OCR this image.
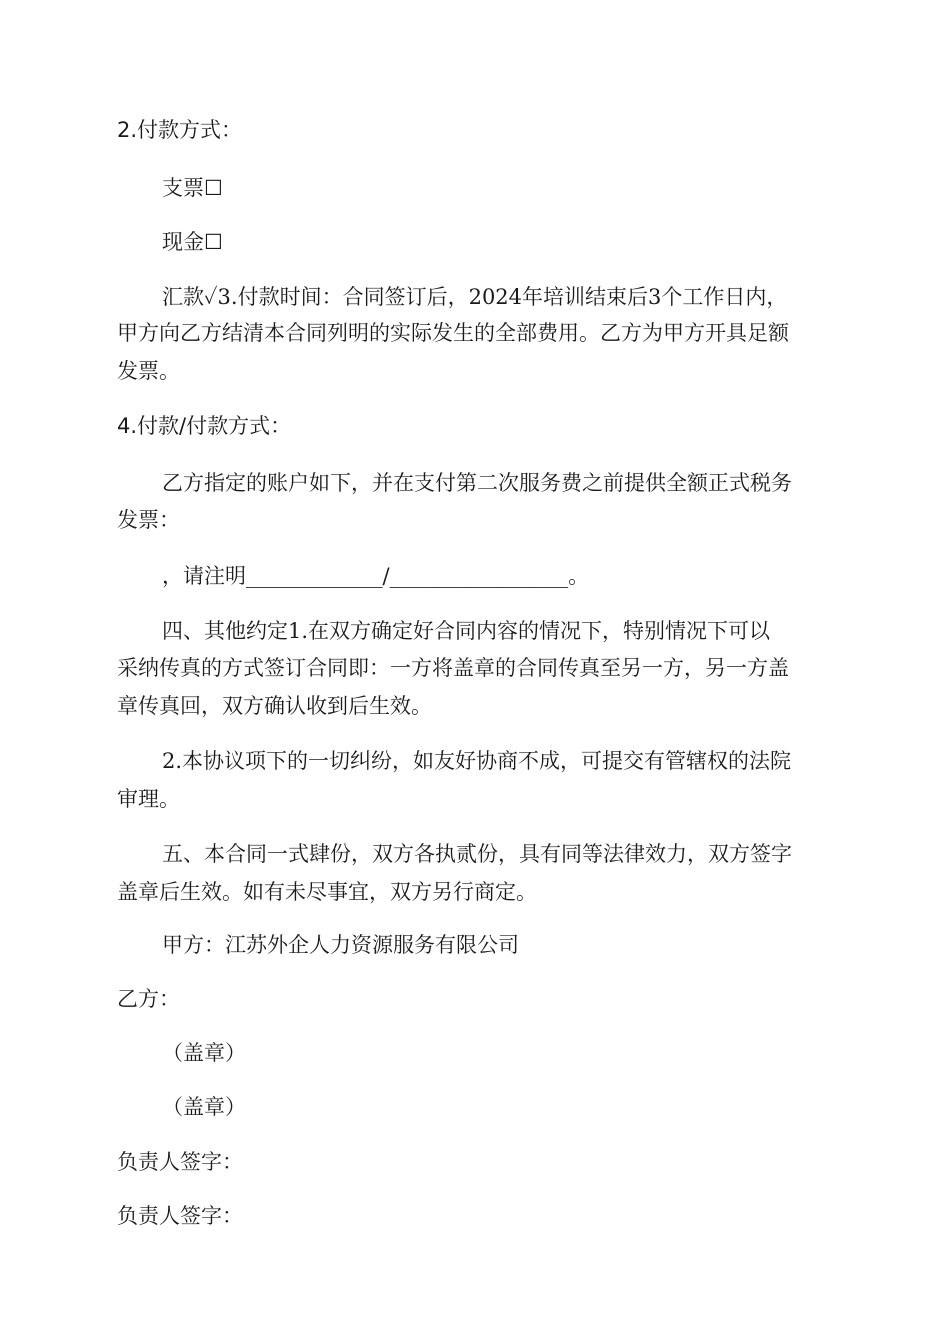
2.付款方式：
支票☐
现金☐
汇款✓3.付款时间：合同签订后，2024年培训结束后3个工作日内，
甲方向乙方结清本合同列明的实际发生的全部费用。乙方为甲方开具足额
发票。
4.付款/付款方式：
乙方指定的账户如下，并在支付第二次服务费之前提供全额正式税务
发票：
，请注明_____________/_________________。
四、其他约定1.在双方确定好合同内容的情况下，特别情况下可以
采纳传真的方式签订合同即：一方将盖章的合同传真至另一方，另一方盖
章传真回，双方确认收到后生效。
2.本协议项下的一切纠纷，如友好协商不成，可提交有管辖权的法院
审理。
五、本合同一式肆份，双方各执贰份，具有同等法律效力，双方签字
盖章后生效。如有未尽事宜，双方另行商定。
甲方：江苏外企人力资源服务有限公司
乙方：
（盖章）
（盖章）
负责人签字：
负责人签字：
